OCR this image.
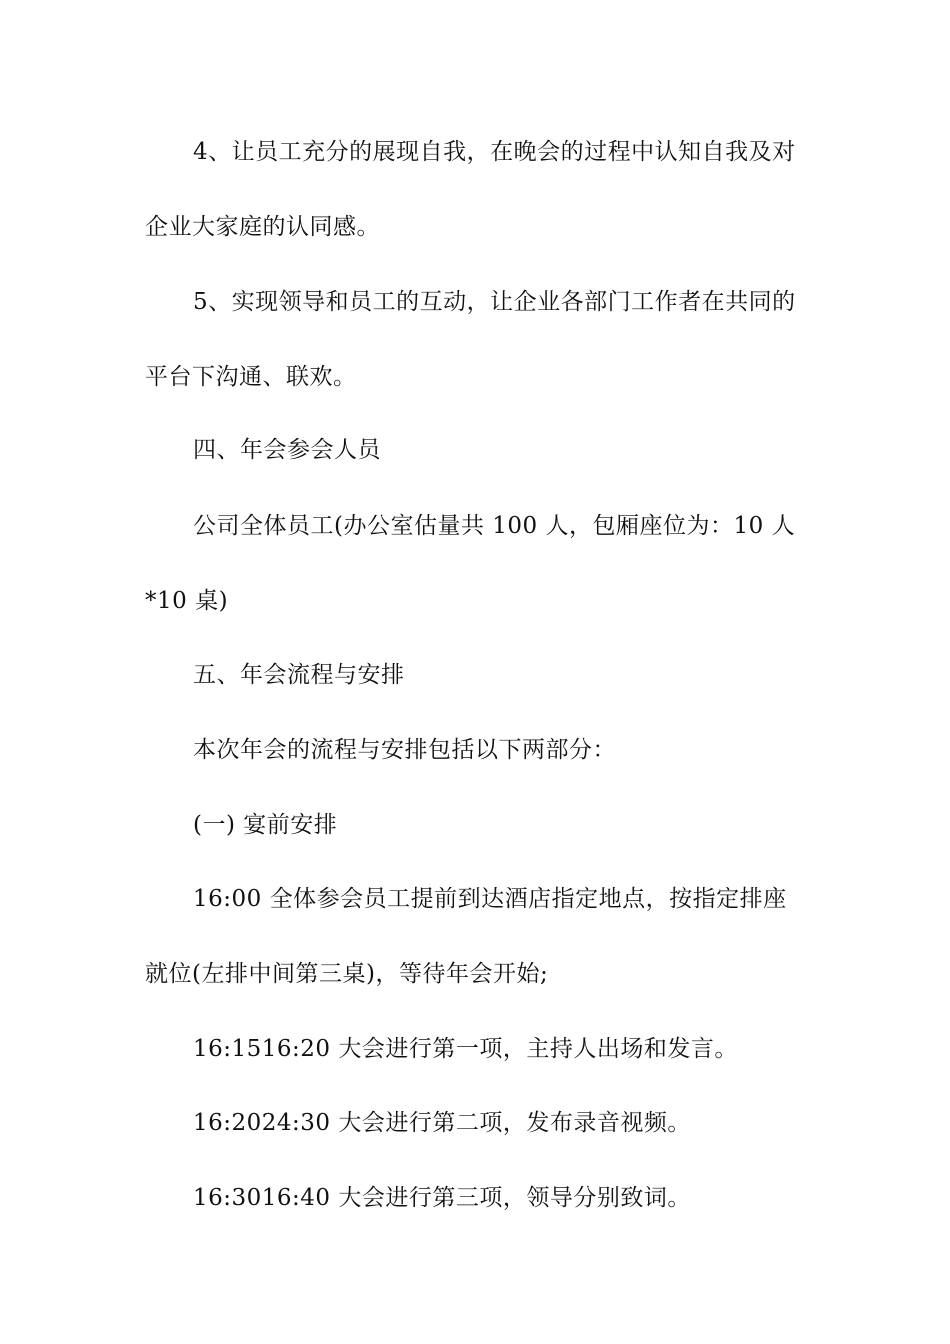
4、让员工充分的展现自我，在晚会的过程中认知自我及对
企业大家庭的认同感。
5、实现领导和员工的互动，让企业各部门工作者在共同的
平台下沟通、联欢。
四、年会参会人员
公司全体员工(办公室估量共 100 人，包厢座位为：10 人
*10 桌)
五、年会流程与安排
本次年会的流程与安排包括以下两部分：
(一) 宴前安排
16:00 全体参会员工提前到达酒店指定地点，按指定排座
就位(左排中间第三桌)，等待年会开始;
16:1516:20 大会进行第一项，主持人出场和发言。
16:2024:30 大会进行第二项，发布录音视频。
16:3016:40 大会进行第三项，领导分别致词。
